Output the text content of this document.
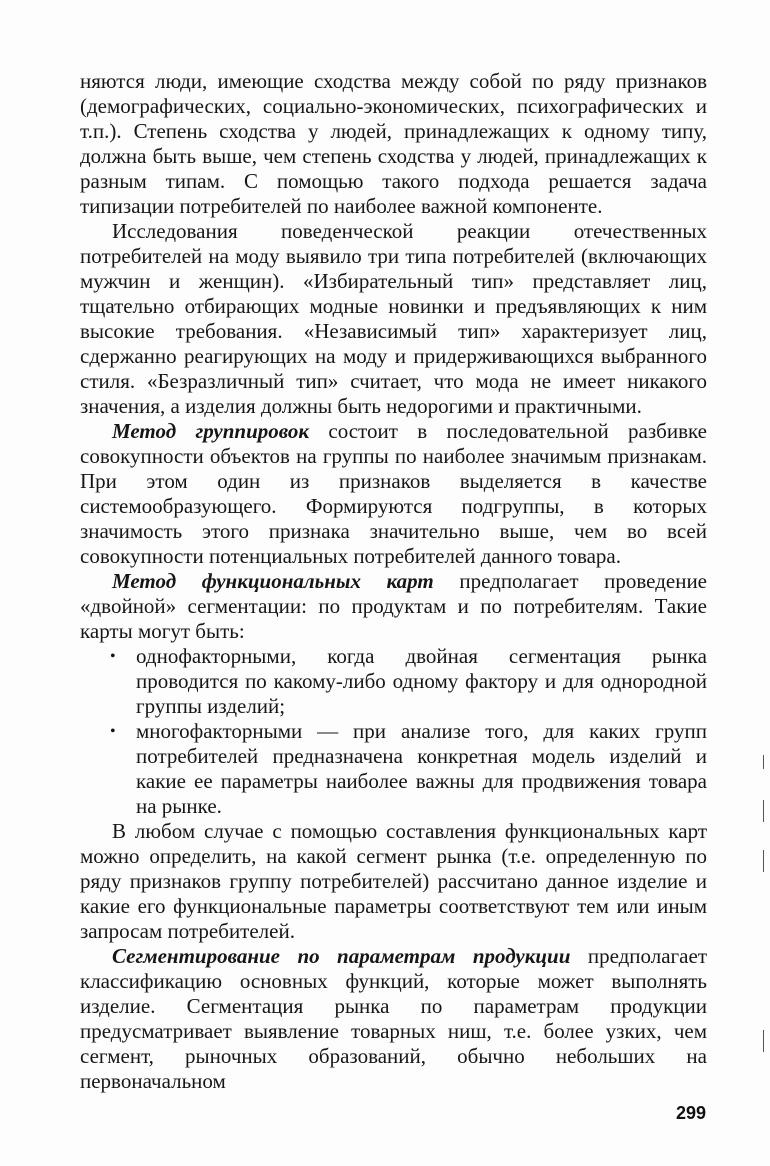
няются люди, имеющие сходства между собой по ряду признаков (демографических, социально-экономических, психографических и т.п.). Степень сходства у людей, принадлежащих к одному типу, должна быть выше, чем степень сходства у людей, принадлежащих к разным типам. С помощью такого подхода решается задача типизации потребителей по наиболее важной компоненте.

Исследования поведенческой реакции отечественных потребителей на моду выявило три типа потребителей (включающих мужчин и женщин). «Избирательный тип» представляет лиц, тщательно отбирающих модные новинки и предъявляющих к ним высокие требования. «Независимый тип» характеризует лиц, сдержанно реагирующих на моду и придерживающихся выбранного стиля. «Безразличный тип» считает, что мода не имеет никакого значения, а изделия должны быть недорогими и практичными.

Метод группировок состоит в последовательной разбивке совокупности объектов на группы по наиболее значимым признакам. При этом один из признаков выделяется в качестве системообразующего. Формируются подгруппы, в которых значимость этого признака значительно выше, чем во всей совокупности потенциальных потребителей данного товара.

Метод функциональных карт предполагает проведение «двойной» сегментации: по продуктам и по потребителям. Такие карты могут быть:

• однофакторными, когда двойная сегментация рынка проводится по какому-либо одному фактору и для однородной группы изделий;
• многофакторными — при анализе того, для каких групп потребителей предназначена конкретная модель изделий и какие ее параметры наиболее важны для продвижения товара на рынке.

В любом случае с помощью составления функциональных карт можно определить, на какой сегмент рынка (т.е. определенную по ряду признаков группу потребителей) рассчитано данное изделие и какие его функциональные параметры соответствуют тем или иным запросам потребителей.

Сегментирование по параметрам продукции предполагает классификацию основных функций, которые может выполнять изделие. Сегментация рынка по параметрам продукции предусматривает выявление товарных ниш, т.е. более узких, чем сегмент, рыночных образований, обычно небольших на первоначальном

299
